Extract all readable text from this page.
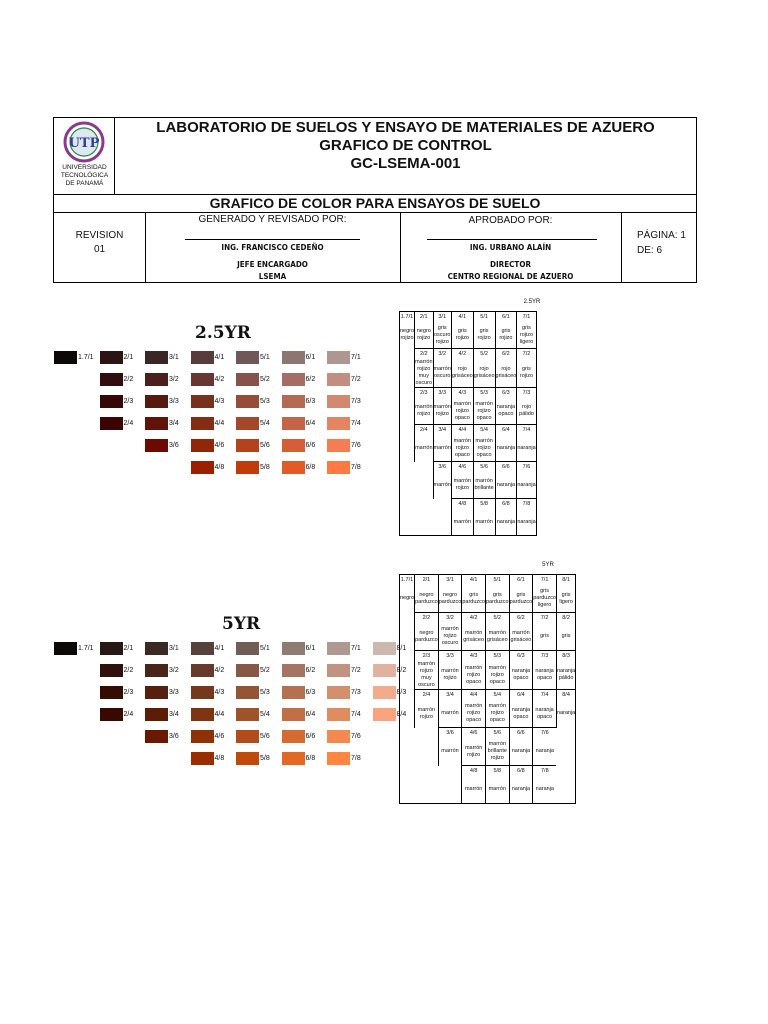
UTP
UNIVERSIDAD
TECNOLÓGICA
DE PANAMÁ
LABORATORIO DE SUELOS Y ENSAYO DE MATERIALES DE AZUERO
GRAFICO DE CONTROL
GC-LSEMA-001
GRAFICO DE COLOR PARA ENSAYOS DE SUELO
REVISION
01
GENERADO Y REVISADO POR:
ING. FRANCISCO CEDEÑO
JEFE ENCARGADO
LSEMA
APROBADO POR:
ING. URBANO ALAÍN
DIRECTOR
CENTRO REGIONAL DE AZUERO
PÁGINA: 1
DE: 6
2.5YR
1.7/1	2/1	3/1	4/1	5/1	6/1	7/1
2/2	3/2	4/2	5/2	6/2	7/2
2/3	3/3	4/3	5/3	6/3	7/3
2/4	3/4	4/4	5/4	6/4	7/4
3/6	4/6	5/6	6/6	7/6
4/8	5/8	6/8	7/8
5YR
1.7/1	2/1	3/1	4/1	5/1	6/1	7/1	8/1
2/2	3/2	4/2	5/2	6/2	7/2	8/2
2/3	3/3	4/3	5/3	6/3	7/3	8/3
2/4	3/4	4/4	5/4	6/4	7/4	8/4
3/6	4/6	5/6	6/6	7/6
4/8	5/8	6/8	7/8
2.5YR
1.7/1	2/1	3/1	4/1	5/1	6/1	7/1
negro rojizo	negro rojizo	gris oscuro rojizo	gris rojizo	gris rojizo	gris rojizo	gris rojizo ligero
	2/2	3/2	4/2	5/2	6/2	7/2
	marrón rojizo muy oscuro	marrón oscuro	rojo grisáceo	rojo grisáceo	rojo grisáceo	gris rojizo
	2/3	3/3	4/3	5/3	6/3	7/3
	marrón rojizo	marrón rojizo	marrón rojizo opaco	marrón rojizo opaco	naranja opaco	rojo pálido
	2/4	3/4	4/4	5/4	6/4	7/4
	marrón	marrón	marrón rojizo opaco	marrón rojizo opaco	naranja	naranja
		3/6	4/6	5/6	6/6	7/6
		marrón	marrón rojizo	marrón brillante	naranja	naranja
			4/8	5/8	6/8	7/8
			marrón	marrón	naranja	naranja
5YR
1.7/1	2/1	3/1	4/1	5/1	6/1	7/1	8/1
negro	negro parduzco	negro parduzco	gris parduzco	gris parduzco	gris parduzco	gris parduzco ligero	gris ligero
	2/2	3/2	4/2	5/2	6/2	7/2	8/2
	negro parduzco	marrón rojizo oscuro	marrón grisáceo	marrón grisáceo	marrón grisáceo	gris	gris
	2/3	3/3	4/3	5/3	6/3	7/3	8/3
	marrón rojizo muy oscuro	marrón rojizo	marrón rojizo opaco	marrón rojizo opaco	naranja opaco	naranja opaco	naranja pálido
	2/4	3/4	4/4	5/4	6/4	7/4	8/4
	marrón rojizo	marrón	marrón rojizo opaco	marrón rojizo opaco	naranja opaco	naranja opaco	naranja
		3/6	4/6	5/6	6/6	7/6	
		marrón	marrón rojizo	marrón brillante rojizo	naranja	naranja	
			4/8	5/8	6/8	7/8	
			marrón	marrón	naranja	naranja	
